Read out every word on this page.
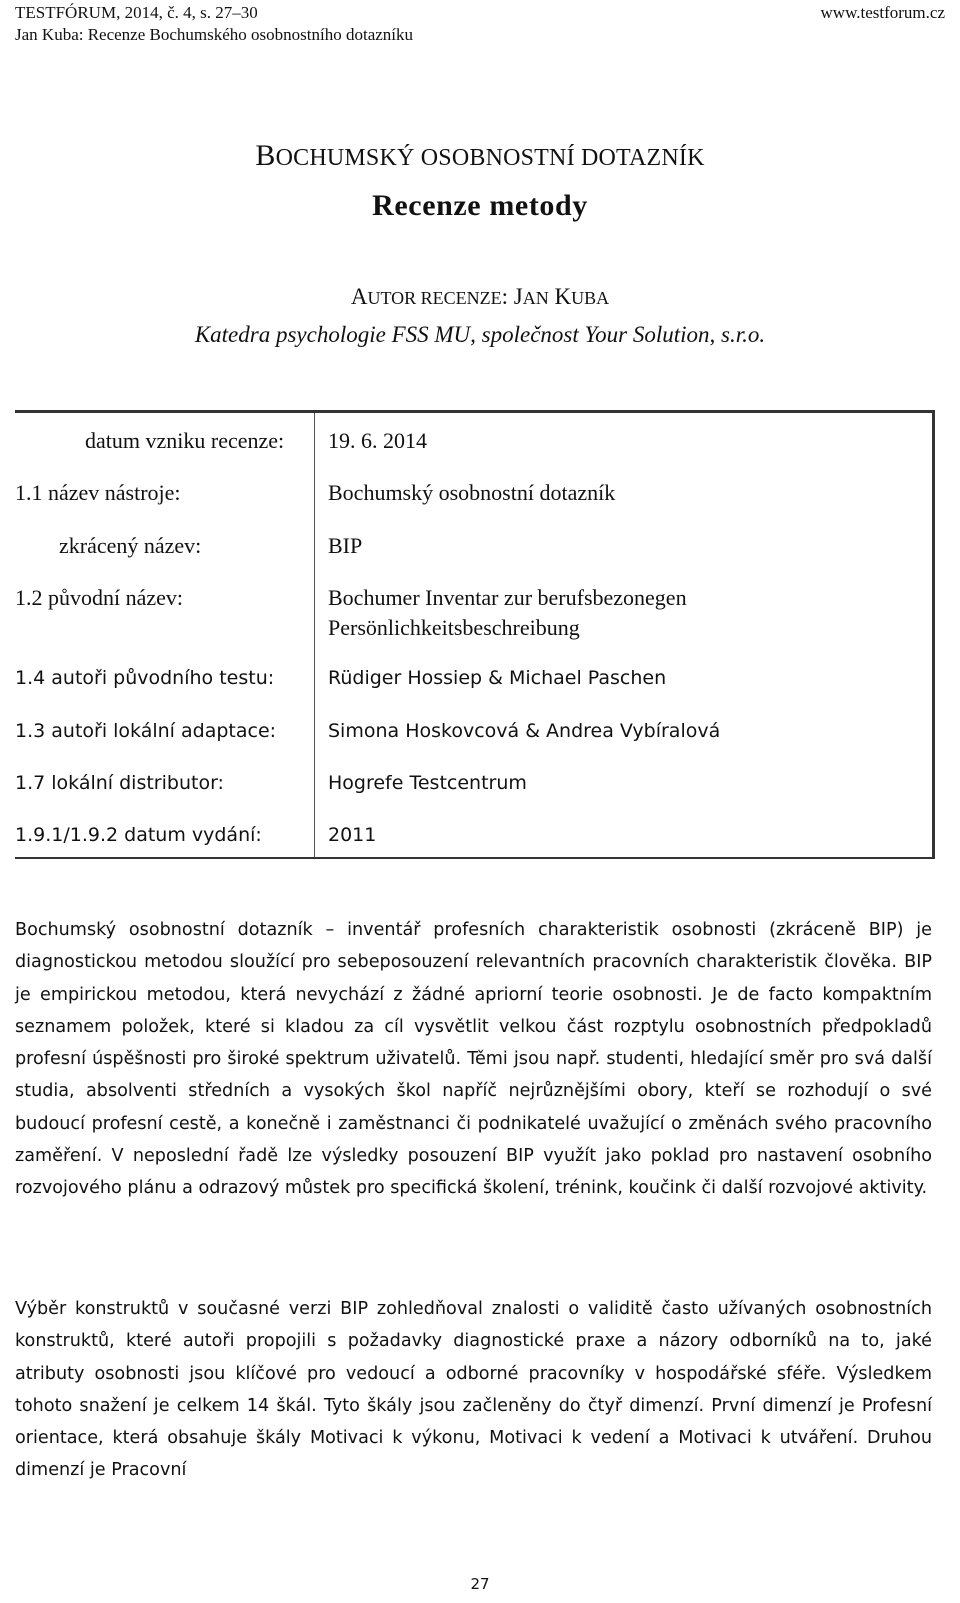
TESTFÓRUM, 2014, č. 4, s. 27–30	www.testforum.cz
Jan Kuba: Recenze Bochumského osobnostního dotazníku
BOCHUMSKÝ OSOBNOSTNÍ DOTAZNÍK
Recenze metody
AUTOR RECENZE: JAN KUBA
Katedra psychologie FSS MU, společnost Your Solution, s.r.o.
datum vzniku recenze: 19. 6. 2014
1.1 název nástroje:	Bochumský osobnostní dotazník
zkrácený název:	BIP
1.2 původní název:	Bochumer Inventar zur berufsbezonegen
Persönlichkeitsbeschreibung
1.4 autoři původního testu:	Rüdiger Hossiep & Michael Paschen
1.3 autoři lokální adaptace:	Simona Hoskovcová & Andrea Vybíralová
1.7 lokální distributor:	Hogrefe Testcentrum
1.9.1/1.9.2 datum vydání:	2011
Bochumský osobnostní dotazník – inventář profesních charakteristik osobnosti (zkráceně BIP) je diagnostickou metodou sloužící pro sebeposouzení relevantních pracovních charakteristik člověka. BIP je empirickou metodou, která nevychází z žádné apriorní teorie osobnosti. Je de facto kompaktním seznamem položek, které si kladou za cíl vysvětlit velkou část rozptylu osobnostních předpokladů profesní úspěšnosti pro široké spektrum uživatelů. Těmi jsou např. studenti, hledající směr pro svá další studia, absolventi středních a vysokých škol napříč nejrůznějšími obory, kteří se rozhodují o své budoucí profesní cestě, a konečně i zaměstnanci či podnikatelé uvažující o změnách svého pracovního zaměření. V neposlední řadě lze výsledky posouzení BIP využít jako poklad pro nastavení osobního rozvojového plánu a odrazový můstek pro specifická školení, trénink, koučink či další rozvojové aktivity.
Výběr konstruktů v současné verzi BIP zohledňoval znalosti o validitě často užívaných osobnostních konstruktů, které autoři propojili s požadavky diagnostické praxe a názory odborníků na to, jaké atributy osobnosti jsou klíčové pro vedoucí a odborné pracovníky v hospodářské sféře. Výsledkem tohoto snažení je celkem 14 škál. Tyto škály jsou začleněny do čtyř dimenzí. První dimenzí je Profesní orientace, která obsahuje škály Motivaci k výkonu, Motivaci k vedení a Motivaci k utváření. Druhou dimenzí je Pracovní
27
